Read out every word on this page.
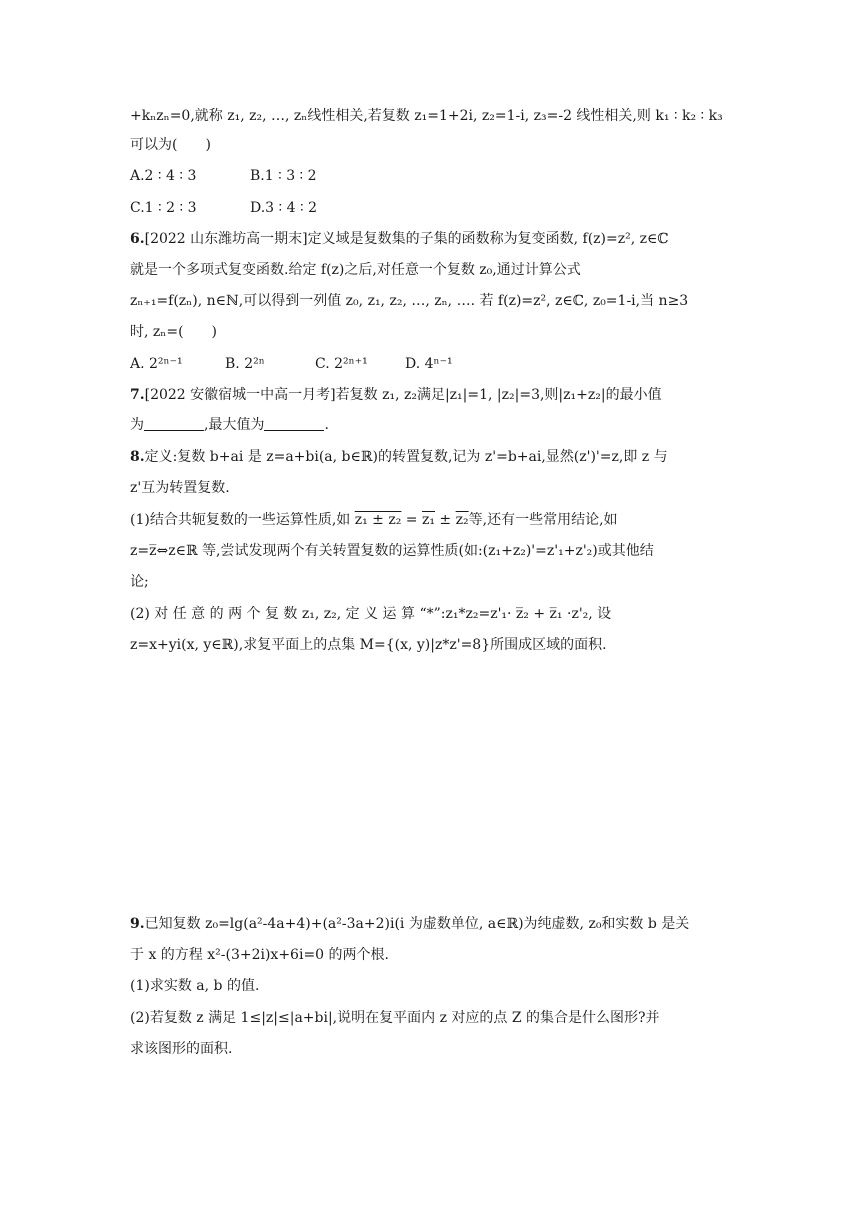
+kₙzₙ=0,就称 z₁, z₂, …, zₙ线性相关,若复数 z₁=1+2i, z₂=1-i, z₃=-2 线性相关,则 k₁ ∶ k₂ ∶ k₃
可以为(　　)
A.2 ∶ 4 ∶ 3	B.1 ∶ 3 ∶ 2
C.1 ∶ 2 ∶ 3	D.3 ∶ 4 ∶ 2
6.[2022 山东潍坊高一期末]定义域是复数集的子集的函数称为复变函数, f(z)=z², z∈ℂ
就是一个多项式复变函数.给定 f(z)之后,对任意一个复数 z₀,通过计算公式
zₙ₊₁=f(zₙ), n∈ℕ,可以得到一列值 z₀, z₁, z₂, …, zₙ, …. 若 f(z)=z², z∈ℂ, z₀=1-i,当 n≥3
时, zₙ=(　　)
A. 2²ⁿ⁻¹	B. 2²ⁿ	C. 2²ⁿ⁺¹	D. 4ⁿ⁻¹
7.[2022 安徽宿城一中高一月考]若复数 z₁, z₂满足|z₁|=1, |z₂|=3,则|z₁+z₂|的最小值
为	,最大值为	.
8.定义:复数 b+ai 是 z=a+bi(a, b∈ℝ)的转置复数,记为 z'=b+ai,显然(z')'=z,即 z 与
z'互为转置复数.
(1)结合共轭复数的一些运算性质,如 z₁ ± z₂ = z₁ ± z₂等,还有一些常用结论,如
z=z̅⇔z∈ℝ 等,尝试发现两个有关转置复数的运算性质(如:(z₁+z₂)'=z'₁+z'₂)或其他结
论;
(2) 对 任 意 的 两 个 复 数 z₁, z₂, 定 义 运 算 “*”:z₁*z₂=z'₁· z̅₂ + z̅₁ ·z'₂, 设
z=x+yi(x, y∈ℝ),求复平面上的点集 M={(x, y)|z*z'=8}所围成区域的面积.
9.已知复数 z₀=lg(a²-4a+4)+(a²-3a+2)i(i 为虚数单位, a∈ℝ)为纯虚数, z₀和实数 b 是关
于 x 的方程 x²-(3+2i)x+6i=0 的两个根.
(1)求实数 a, b 的值.
(2)若复数 z 满足 1≤|z|≤|a+bi|,说明在复平面内 z 对应的点 Z 的集合是什么图形?并
求该图形的面积.
